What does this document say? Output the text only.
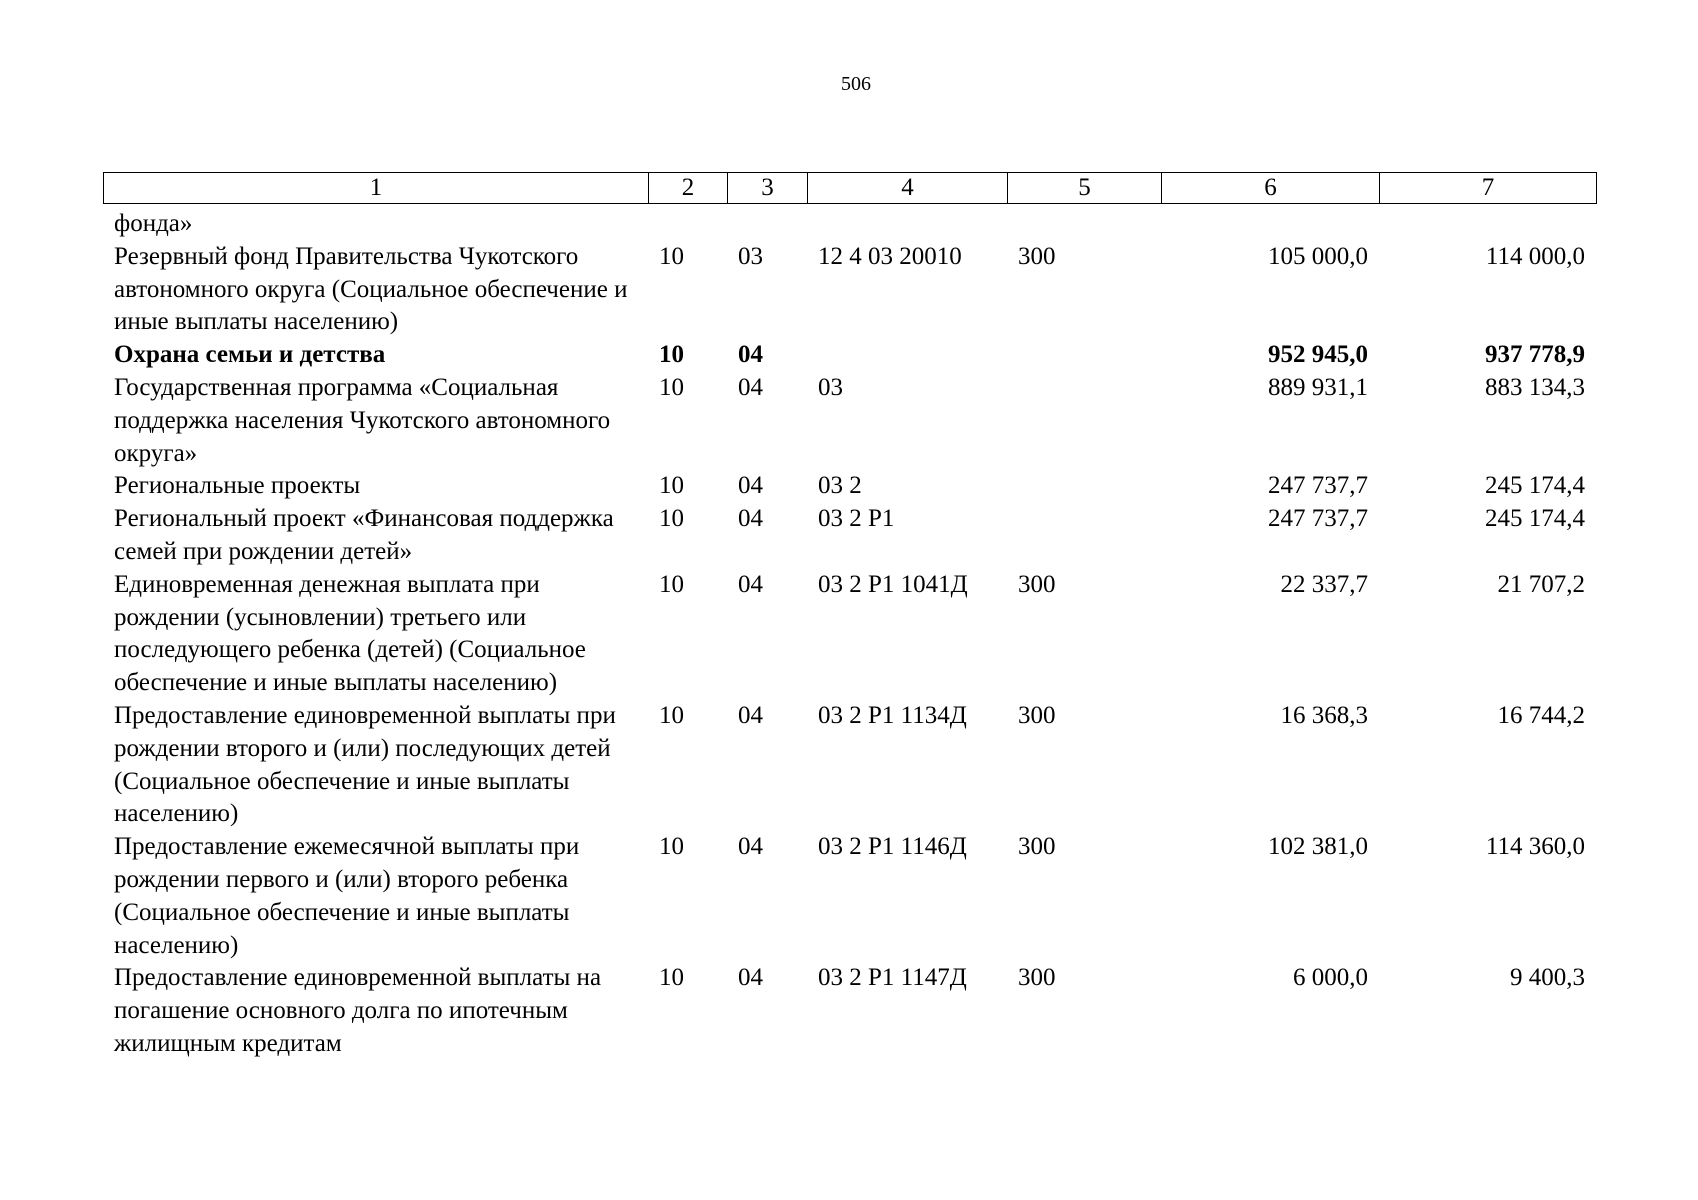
506
1	2	3	4	5	6	7
фонда»						
Резервный фонд Правительства Чукотского автономного округа (Социальное обеспечение и иные выплаты населению)	10	03	12 4 03 20010	300	105 000,0	114 000,0
Охрана семьи и детства	10	04			952 945,0	937 778,9
Государственная программа «Социальная поддержка населения Чукотского автономного округа»	10	04	03		889 931,1	883 134,3
Региональные проекты	10	04	03 2		247 737,7	245 174,4
Региональный проект «Финансовая поддержка семей при рождении детей»	10	04	03 2 Р1		247 737,7	245 174,4
Единовременная денежная выплата при рождении (усыновлении) третьего или последующего ребенка (детей) (Социальное обеспечение и иные выплаты населению)	10	04	03 2 Р1 1041Д	300	22 337,7	21 707,2
Предоставление единовременной выплаты при рождении второго и (или) последующих детей (Социальное обеспечение и иные выплаты населению)	10	04	03 2 Р1 1134Д	300	16 368,3	16 744,2
Предоставление ежемесячной выплаты при рождении первого и (или) второго ребенка (Социальное обеспечение и иные выплаты населению)	10	04	03 2 Р1 1146Д	300	102 381,0	114 360,0
Предоставление единовременной выплаты на погашение основного долга по ипотечным жилищным кредитам	10	04	03 2 Р1 1147Д	300	6 000,0	9 400,3
